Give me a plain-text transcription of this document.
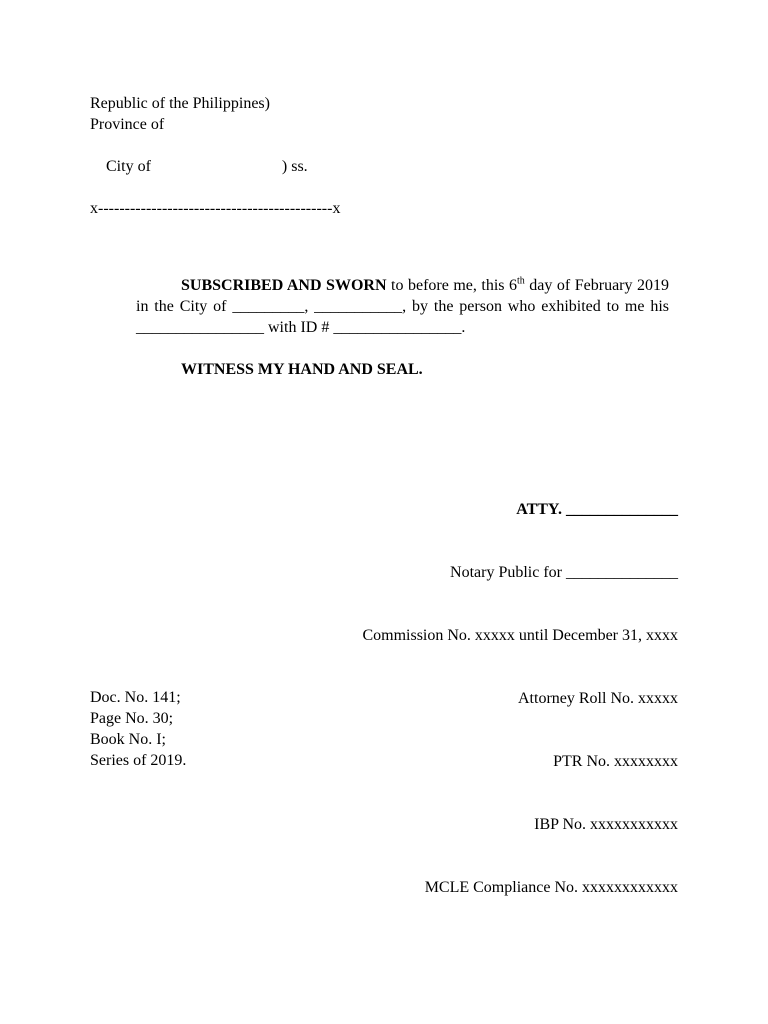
Republic of the Philippines)
Province of

City of	) ss.

x--------------------------------------------x
SUBSCRIBED AND SWORN to before me, this 6th day of February 2019 in the City of _________, ___________, by the person who exhibited to me his ________________ with ID # ________________.
WITNESS MY HAND AND SEAL.

ATTY. ______________

Notary Public for ______________

Commission No. xxxxx until December 31, xxxx

Attorney Roll No. xxxxx

PTR No. xxxxxxxx

IBP No. xxxxxxxxxxx

MCLE Compliance No. xxxxxxxxxxxx

Doc. No. 141;
Page No. 30;
Book No. I;
Series of 2019.
